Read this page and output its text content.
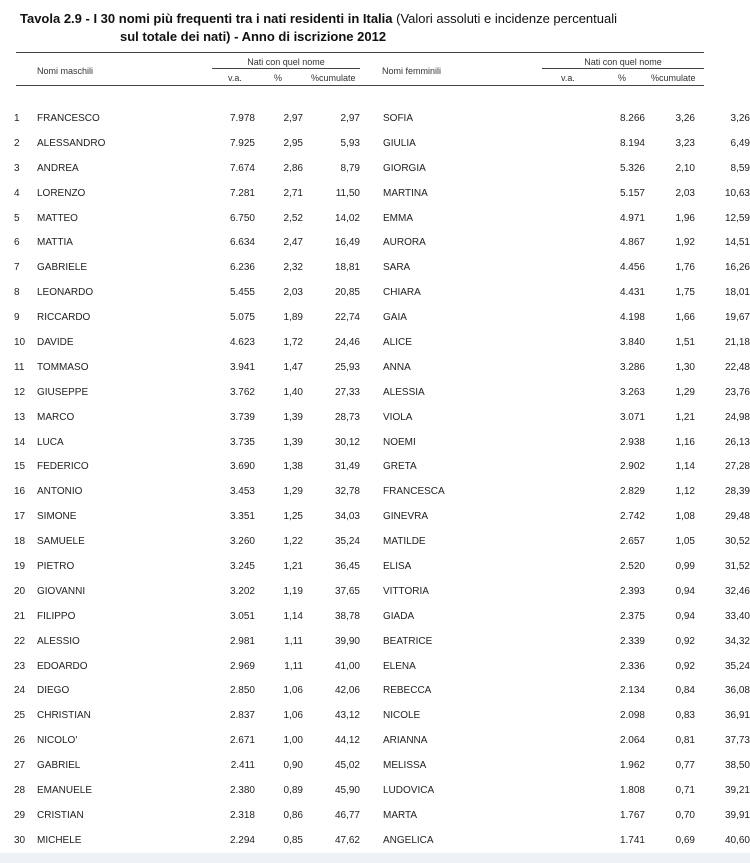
Tavola 2.9 - I 30 nomi più frequenti tra i nati residenti in Italia (Valori assoluti e incidenze percentuali
sul totale dei nati) - Anno di iscrizione 2012
Nomi maschili	Nomi femminili
Nati con quel nome	Nati con quel nome
v.a.	%	%cumulate	v.a.	%	%cumulate
1	FRANCESCO	7.978	2,97	2,97		SOFIA	8.266	3,26	3,26
2	ALESSANDRO	7.925	2,95	5,93		GIULIA	8.194	3,23	6,49
3	ANDREA	7.674	2,86	8,79		GIORGIA	5.326	2,10	8,59
4	LORENZO	7.281	2,71	11,50		MARTINA	5.157	2,03	10,63
5	MATTEO	6.750	2,52	14,02		EMMA	4.971	1,96	12,59
6	MATTIA	6.634	2,47	16,49		AURORA	4.867	1,92	14,51
7	GABRIELE	6.236	2,32	18,81		SARA	4.456	1,76	16,26
8	LEONARDO	5.455	2,03	20,85		CHIARA	4.431	1,75	18,01
9	RICCARDO	5.075	1,89	22,74		GAIA	4.198	1,66	19,67
10	DAVIDE	4.623	1,72	24,46		ALICE	3.840	1,51	21,18
11	TOMMASO	3.941	1,47	25,93		ANNA	3.286	1,30	22,48
12	GIUSEPPE	3.762	1,40	27,33		ALESSIA	3.263	1,29	23,76
13	MARCO	3.739	1,39	28,73		VIOLA	3.071	1,21	24,98
14	LUCA	3.735	1,39	30,12		NOEMI	2.938	1,16	26,13
15	FEDERICO	3.690	1,38	31,49		GRETA	2.902	1,14	27,28
16	ANTONIO	3.453	1,29	32,78		FRANCESCA	2.829	1,12	28,39
17	SIMONE	3.351	1,25	34,03		GINEVRA	2.742	1,08	29,48
18	SAMUELE	3.260	1,22	35,24		MATILDE	2.657	1,05	30,52
19	PIETRO	3.245	1,21	36,45		ELISA	2.520	0,99	31,52
20	GIOVANNI	3.202	1,19	37,65		VITTORIA	2.393	0,94	32,46
21	FILIPPO	3.051	1,14	38,78		GIADA	2.375	0,94	33,40
22	ALESSIO	2.981	1,11	39,90		BEATRICE	2.339	0,92	34,32
23	EDOARDO	2.969	1,11	41,00		ELENA	2.336	0,92	35,24
24	DIEGO	2.850	1,06	42,06		REBECCA	2.134	0,84	36,08
25	CHRISTIAN	2.837	1,06	43,12		NICOLE	2.098	0,83	36,91
26	NICOLO'	2.671	1,00	44,12		ARIANNA	2.064	0,81	37,73
27	GABRIEL	2.411	0,90	45,02		MELISSA	1.962	0,77	38,50
28	EMANUELE	2.380	0,89	45,90		LUDOVICA	1.808	0,71	39,21
29	CRISTIAN	2.318	0,86	46,77		MARTA	1.767	0,70	39,91
30	MICHELE	2.294	0,85	47,62		ANGELICA	1.741	0,69	40,60
